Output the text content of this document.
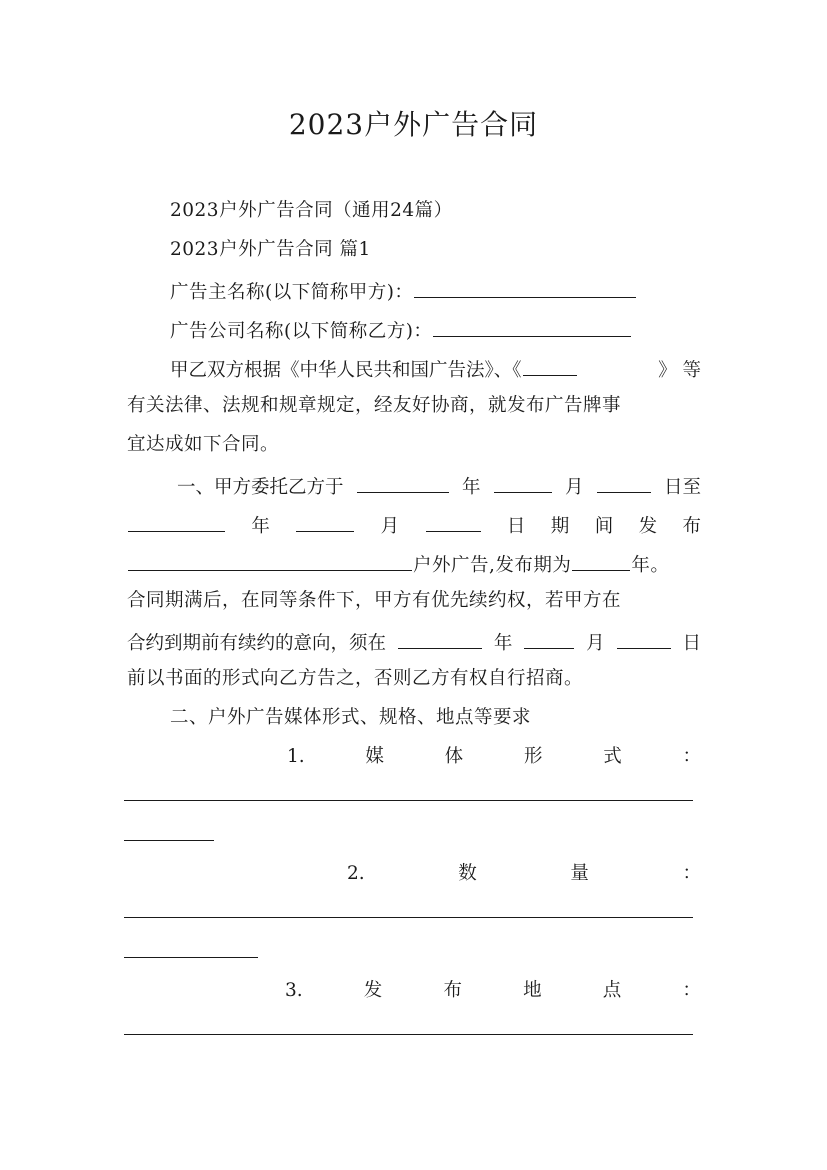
2023户外广告合同
2023户外广告合同（通用24篇）
2023户外广告合同 篇1
广告主名称(以下简称甲方)：
广告公司名称(以下简称乙方)：
甲乙双方根据《中华人民共和国广告法》、《	》 等
有关法律、法规和规章规定，经友好协商，就发布广告牌事
宜达成如下合同。
一、甲方委托乙方于	年	月	日至
年	月	日 期 间 发 布
户外广告,发布期为	年。
合同期满后，在同等条件下，甲方有优先续约权，若甲方在
合约到期前有续约的意向，须在	年	月	日
前以书面的形式向乙方告之，否则乙方有权自行招商。
二、户外广告媒体形式、规格、地点等要求
1.	媒	体	形	式	：
2.	数	量	：
3.	发	布	地	点	：
